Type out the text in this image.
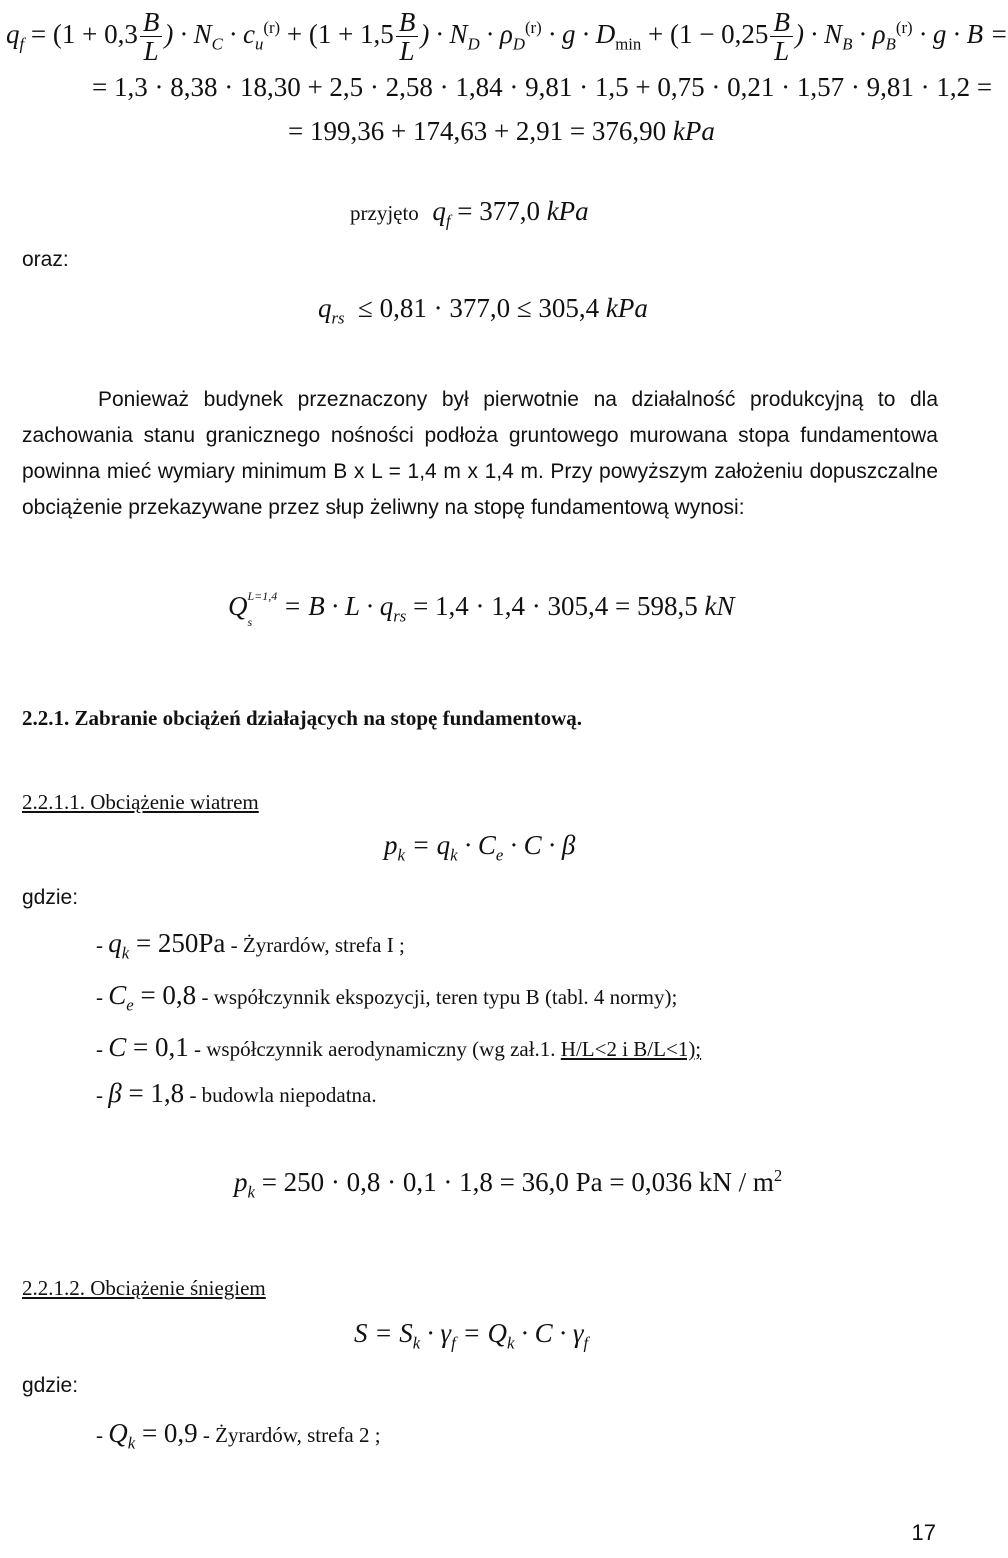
$q_f = (1 + 0,3 \frac{B}{L}$ ) · $N_C \cdot c_u^{(r)} + (1 + 1,5 \frac{B}{L}$ ) · $N_D \cdot \rho_D^{(r)} \cdot g \cdot D_{min} + (1 - 0,25 \frac{B}{L}$ ) · $N_B \cdot \rho_B^{(r)} \cdot g \cdot B$ =
= 1,3 · 8,38 · 18,30 + 2,5 · 2,58 · 1,84 · 9,81 · 1,5 + 0,75 · 0,21 · 1,57 · 9,81 · 1,2 =
= 199,36 + 174,63 + 2,91 = 376,90 kPa
przyjęto $q_f = 377,0$ kPa
oraz:
$q_{rs} \le 0,81 \cdot 377,0 \le 305,4$ kPa
Ponieważ budynek przeznaczony był pierwotnie na działalność produkcyjną to dla zachowania stanu granicznego nośności podłoża gruntowego murowana stopa fundamentowa powinna mieć wymiary minimum B x L = 1,4 m x 1,4 m. Przy powyższym założeniu dopuszczalne obciążenie przekazywane przez słup żeliwny na stopę fundamentową wynosi:
Q L=1,4
s
= $B \cdot L \cdot q_{rs} = 1,4 \cdot 1,4 \cdot 305,4 = 598,5$ kN
2.2.1. Zabranie obciążeń działających na stopę fundamentową.
2.2.1.1. Obciążenie wiatrem
$p_k = q_k \cdot C_e \cdot C \cdot \beta$
gdzie:
- $q_k = 250Pa$ - Żyrardów, strefa I ;
- $C_e = 0,8$ - współczynnik ekspozycji, teren typu B (tabl. 4 normy);
- C = 0,1 - współczynnik aerodynamiczny (wg zał.1. H/L<2 i B/L<1);
- β = 1,8 - budowla niepodatna.
$p_k = 250 \cdot 0,8 \cdot 0,1 \cdot 1,8 = 36,0$ Pa = 0,036 kN / $m^2$
2.2.1.2. Obciążenie śniegiem
$S = S_k \cdot \gamma_f = Q_k \cdot C \cdot \gamma_f$
gdzie:
- $Q_k = 0,9$ - Żyrardów, strefa 2 ;
17
